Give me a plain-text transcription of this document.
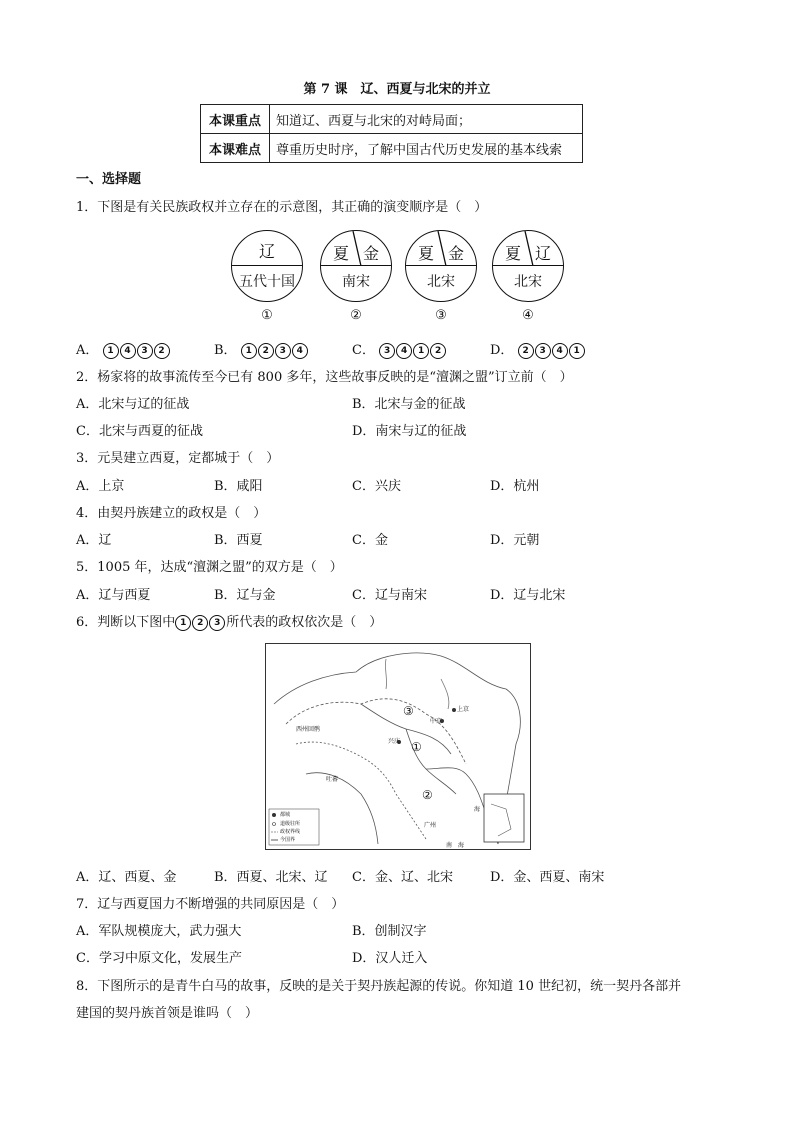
第 7 课　辽、西夏与北宋的并立
本课重点	知道辽、西夏与北宋的对峙局面；
本课难点	尊重历史时序，了解中国古代历史发展的基本线索
一、选择题
1．下图是有关民族政权并立存在的示意图，其正确的演变顺序是（　）
辽
五代十国
①
夏 金
南宋
②
夏 金
北宋
③
夏 辽
北宋
④
A． 1 4 3 2	B． 1 2 3 4	C． 3 4 1 2	D． 2 3 4 1
2．杨家将的故事流传至今已有 800 多年，这些故事反映的是“澶渊之盟”订立前（　）
A．北宋与辽的征战	B．北宋与金的征战
C．北宋与西夏的征战	D．南宋与辽的征战
3．元昊建立西夏，定都城于（　）
A．上京	B．咸阳	C．兴庆	D．杭州
4．由契丹族建立的政权是（　）
A．辽	B．西夏	C．金	D．元朝
5．1005 年，达成“澶渊之盟”的双方是（　）
A．辽与西夏	B．辽与金	C．辽与南宋	D．辽与北宋
6．判断以下图中 1 2 3 所代表的政权依次是（　）
③
①
②
上京
中京
兴庆
广州
南　海
吐蕃
西州回鹘
海
都城
道级驻所
政权界线
今国界
A．辽、西夏、金	B．西夏、北宋、辽 C．金、辽、北宋	D．金、西夏、南宋
7．辽与西夏国力不断增强的共同原因是（　）
A．军队规模庞大，武力强大	B．创制汉字
C．学习中原文化，发展生产	D．汉人迁入
8．下图所示的是青牛白马的故事，反映的是关于契丹族起源的传说。你知道 10 世纪初，统一契丹各部并
建国的契丹族首领是谁吗（　）
